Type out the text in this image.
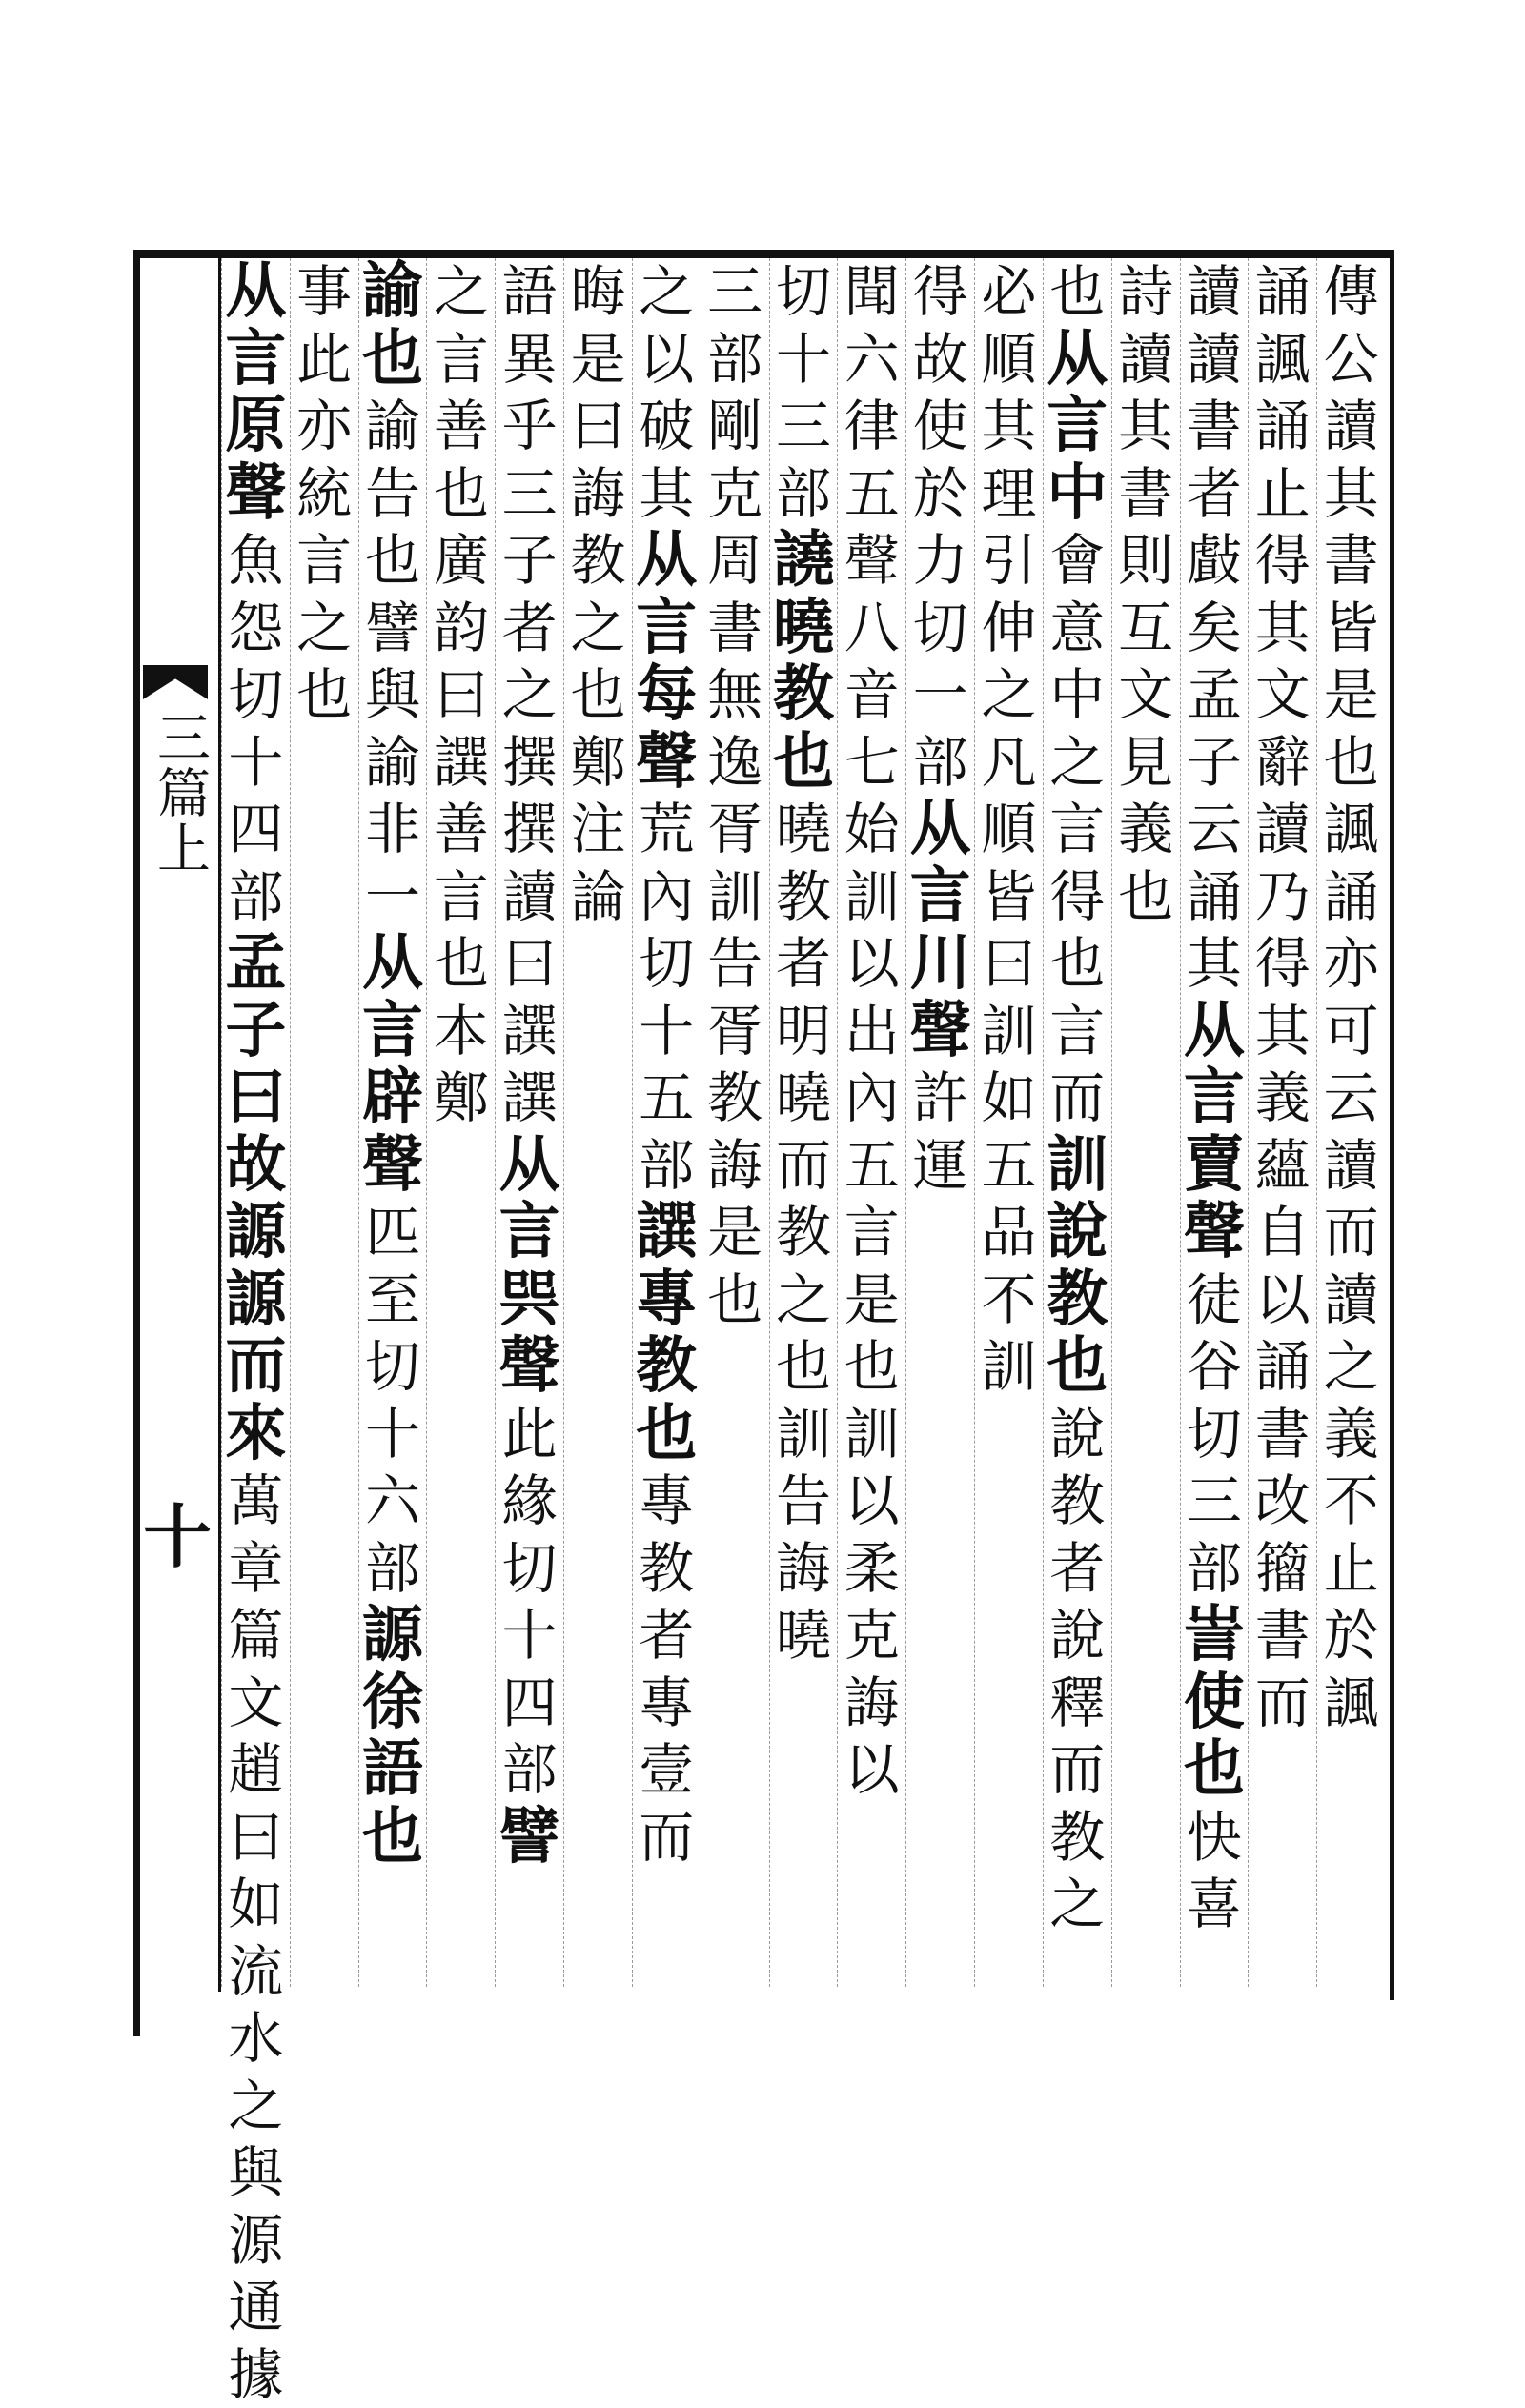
三篇上
十
傳
公
讀
其
書
皆
是
也
諷
誦
亦
可
云
讀
而
讀
之
義
不
止
於
諷
誦
諷
誦
止
得
其
文
辭
讀
乃
得
其
義
蘊
自
以
誦
書
改
籀
書
而
讀
讀
書
者
㪥
矣
孟
子
云
誦
其
从
言
賣
聲
徒
谷
切
三
部
訔
使
也
快
喜
詩
讀
其
書
則
互
文
見
義
也
也
从
言
中
會
意
中
之
言
得
也
言
而
訓
說
教
也
說
教
者
說
釋
而
教
之
必
順
其
理
引
伸
之
凡
順
皆
曰
訓
如
五
品
不
訓
得
故
使
於
力
切
一
部
从
言
川
聲
許
運
聞
六
律
五
聲
八
音
七
始
訓
以
出
內
五
言
是
也
訓
以
柔
克
誨
以
切
十
三
部
譊
曉
教
也
曉
教
者
明
曉
而
教
之
也
訓
告
誨
曉
三
部
剛
克
周
書
無
逸
胥
訓
告
胥
教
誨
是
也
之
以
破
其
从
言
每
聲
荒
內
切
十
五
部
譔
專
教
也
專
教
者
專
壹
而
晦
是
曰
誨
教
之
也
鄭
注
論
語
異
乎
三
子
者
之
撰
撰
讀
曰
譔
譔
从
言
巺
聲
此
緣
切
十
四
部
譬
之
言
善
也
廣
韵
曰
譔
善
言
也
本
鄭
諭
也
諭
告
也
譬
與
諭
非
一
从
言
辟
聲
匹
至
切
十
六
部
謜
徐
語
也
事
此
亦
統
言
之
也
从
言
原
聲
魚
怨
切
十
四
部
孟
子
曰
故
謜
謜
而
來
萬
章
篇
文
趙
曰
如
流
水
之
與
源
通
據
